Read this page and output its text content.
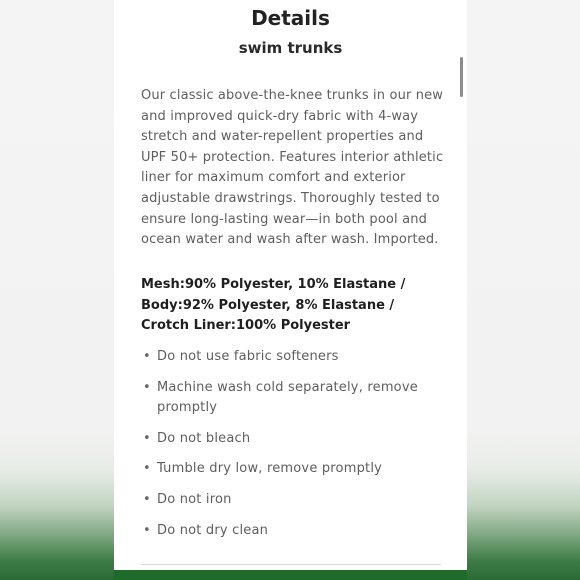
Details
swim trunks

Our classic above-the-knee trunks in our new and improved quick-dry fabric with 4-way stretch and water-repellent properties and UPF 50+ protection. Features interior athletic liner for maximum comfort and exterior adjustable drawstrings. Thoroughly tested to ensure long-lasting wear—in both pool and ocean water and wash after wash. Imported.

Mesh:90% Polyester, 10% Elastane / Body:92% Polyester, 8% Elastane / Crotch Liner:100% Polyester

• Do not use fabric softeners
• Machine wash cold separately, remove promptly
• Do not bleach
• Tumble dry low, remove promptly
• Do not iron
• Do not dry clean
